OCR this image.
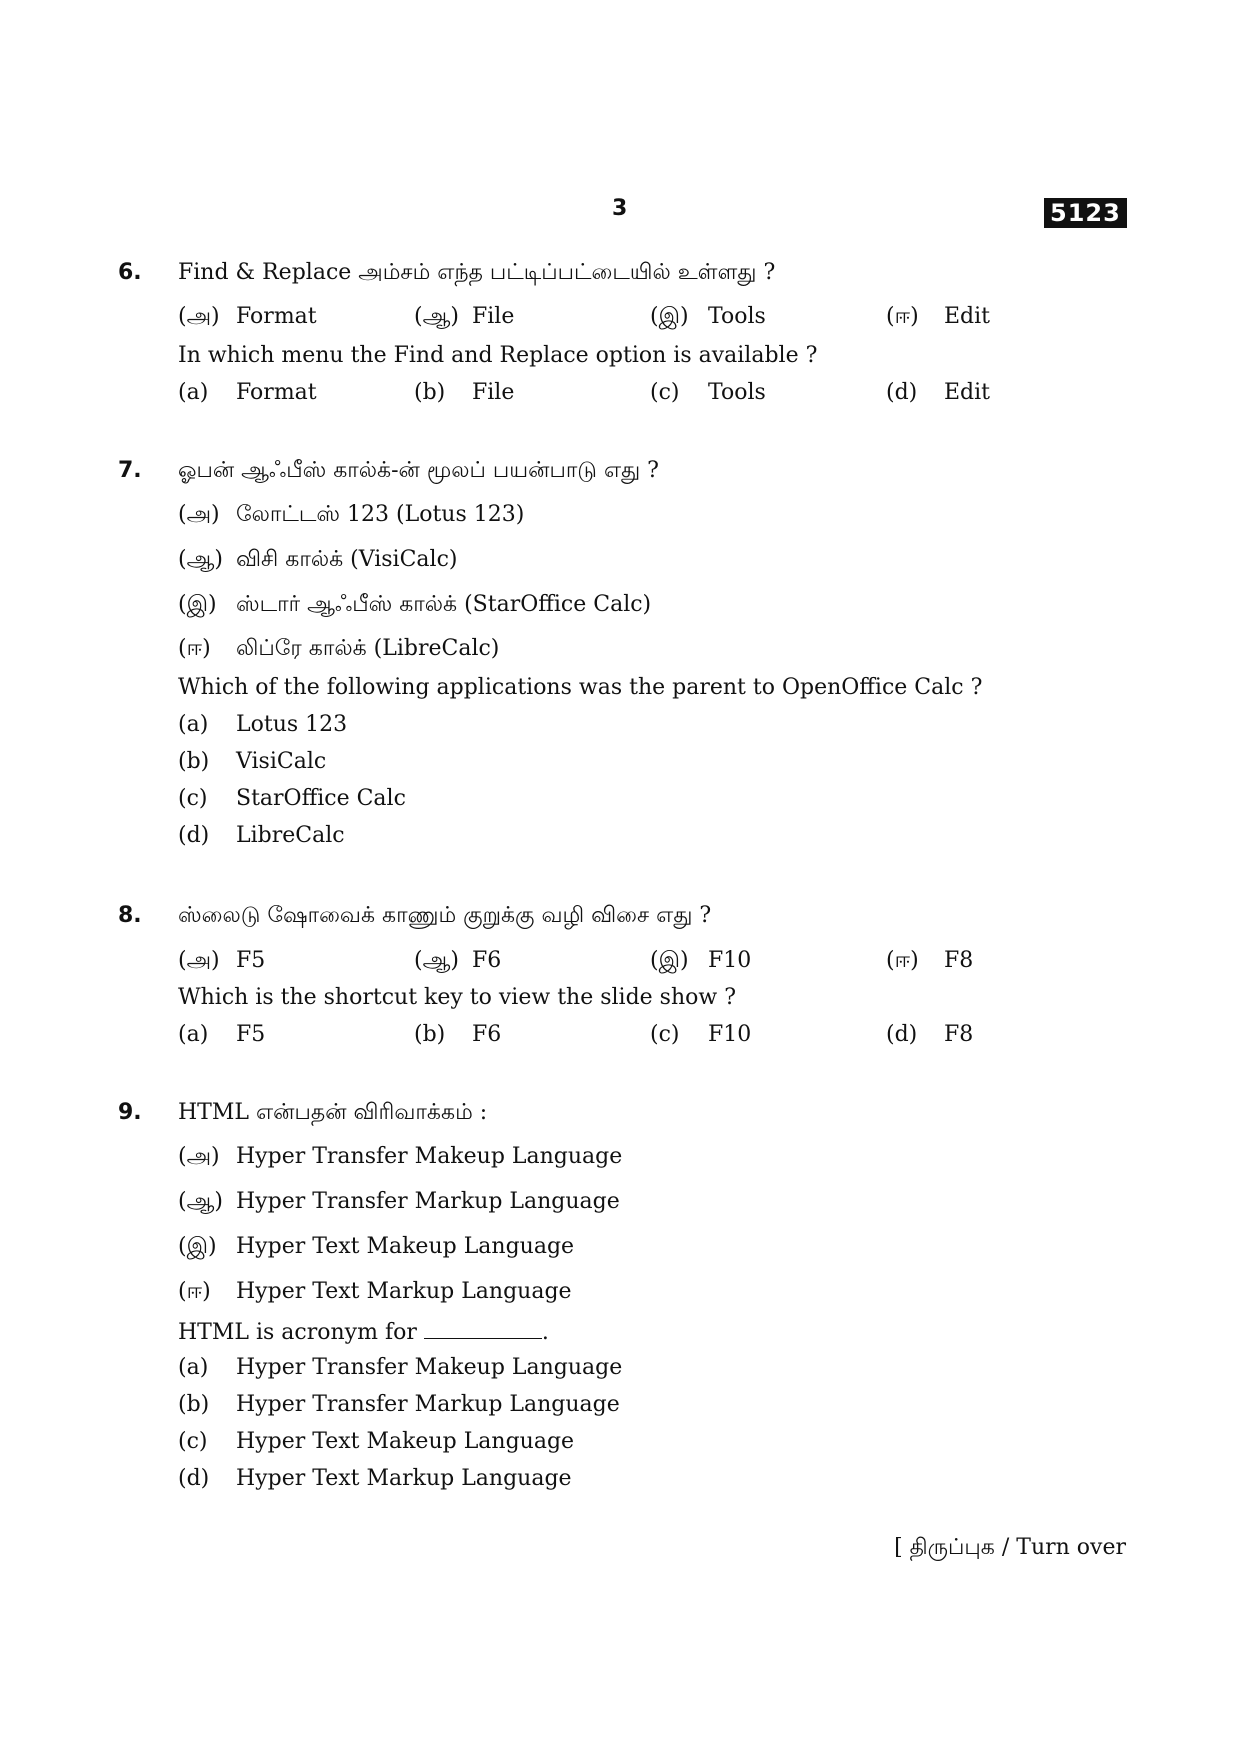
3	5123
6.	Find & Replace அம்சம் எந்த பட்டிப்பட்டையில் உள்ளது ?
(அ) Format	(ஆ) File	(இ) Tools	(ஈ) Edit
In which menu the Find and Replace option is available ?
(a) Format	(b) File	(c) Tools	(d) Edit
7.	ஓபன் ஆஃபீஸ் கால்க்-ன் மூலப் பயன்பாடு எது ?
(அ) லோட்டஸ் 123 (Lotus 123)
(ஆ) விசி கால்க் (VisiCalc)
(இ) ஸ்டார் ஆஃபீஸ் கால்க் (StarOffice Calc)
(ஈ) லிப்ரே கால்க் (LibreCalc)
Which of the following applications was the parent to OpenOffice Calc ?
(a) Lotus 123
(b) VisiCalc
(c) StarOffice Calc
(d) LibreCalc
8.	ஸ்லைடு ஷோவைக் காணும் குறுக்கு வழி விசை எது ?
(அ) F5	(ஆ) F6	(இ) F10	(ஈ) F8
Which is the shortcut key to view the slide show ?
(a) F5	(b) F6	(c) F10	(d) F8
9.	HTML என்பதன் விரிவாக்கம் :
(அ) Hyper Transfer Makeup Language
(ஆ) Hyper Transfer Markup Language
(இ) Hyper Text Makeup Language
(ஈ) Hyper Text Markup Language
HTML is acronym for	.
(a) Hyper Transfer Makeup Language
(b) Hyper Transfer Markup Language
(c) Hyper Text Makeup Language
(d) Hyper Text Markup Language
[ திருப்புக / Turn over
